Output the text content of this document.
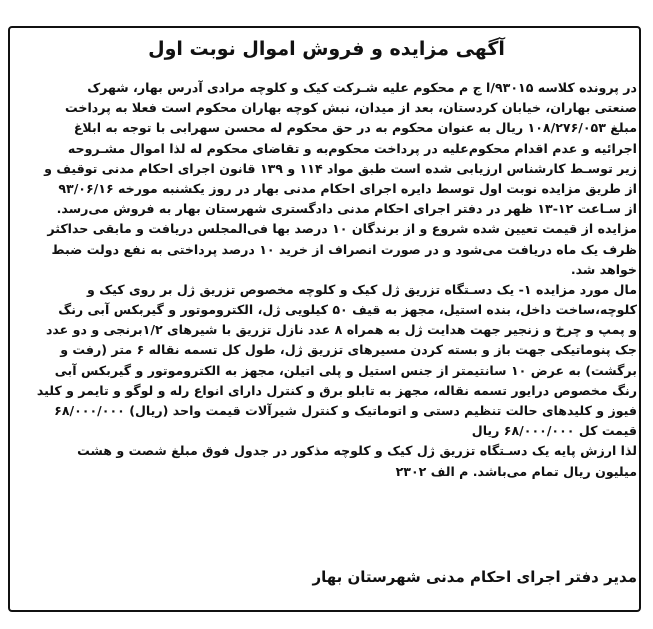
آگهی مزایده و فروش اموال نوبت اول
در پرونده کلاسه ۹۳۰۱۵/ا ج م محکوم علیه شـرکت کیک و کلوچه مرادی آدرس بهار، شهرک
صنعتی بهاران، خیابان کردستان، بعد از میدان، نبش کوچه بهاران محکوم است فعلا به پرداخت
مبلغ ۱۰۸/۲۷۶/۰۵۳ ریال به عنوان محکوم به در حق محکوم له محسن سهرابی با توجه به ابلاغ
اجرائیه و عدم اقدام محکوم‌علیه در پرداخت محکوم‌به و تقاضای محکوم له لذا اموال مشـروحه
زیر توسـط کارشناس ارزیابی شده است طبق مواد ۱۱۴ و ۱۳۹ قانون اجرای احکام مدنی توقیف و
از طریق مزایده نوبت اول توسط دایره اجرای احکام مدنی بهار در روز یکشنبه مورخه ۹۳/۰۶/۱۶
از سـاعت ۱۲-۱۳ ظهر در دفتر اجرای احکام مدنی دادگستری شهرستان بهار به فروش می‌رسد.
مزایده از قیمت تعیین شده شروع و از برندگان ۱۰ درصد بها فی‌المجلس دریافت و مابقی حداکثر
ظرف یک ماه دریافت می‌شود و در صورت انصراف از خرید ۱۰ درصد پرداختی به نفع دولت ضبط
خواهد شد.
مال مورد مزایده ۱- یک دسـتگاه تزریق ژل کیک و کلوچه مخصوص تزریق ژل بر روی کیک و
کلوچه،ساخت داخل، بنده استیل، مجهز به قیف ۵۰ کیلویی ژل، الکتروموتور و گیربکس آبی رنگ
و پمپ و چرخ و زنجیر جهت هدایت ژل به همراه ۸ عدد نازل تزریق با شیرهای ۱/۲برنجی و دو عدد
جک پنوماتیکی جهت باز و بسته کردن مسیرهای تزریق ژل، طول کل تسمه نقاله ۶ متر (رفت و
برگشت) به عرض ۱۰ سانتیمتر از جنس استیل و پلی اتیلن، مجهز به الکتروموتور و گیربکس آبی
رنگ مخصوص درایور تسمه نقاله، مجهز به تابلو برق و کنترل دارای انواع رله و لوگو و تایمر و کلید
فیوز و کلیدهای حالت تنظیم دستی و اتوماتیک و کنترل شیرآلات قیمت واحد (ریال) ۶۸/۰۰۰/۰۰۰
قیمت کل ۶۸/۰۰۰/۰۰۰ ریال
لذا ارزش پایه یک دسـتگاه تزریق ژل کیک و کلوچه مذکور در جدول فوق مبلغ شصت و هشت
میلیون ریال تمام می‌باشد. م الف ۲۳۰۲
مدیر دفتر اجرای احکام مدنی شهرستان بهار
